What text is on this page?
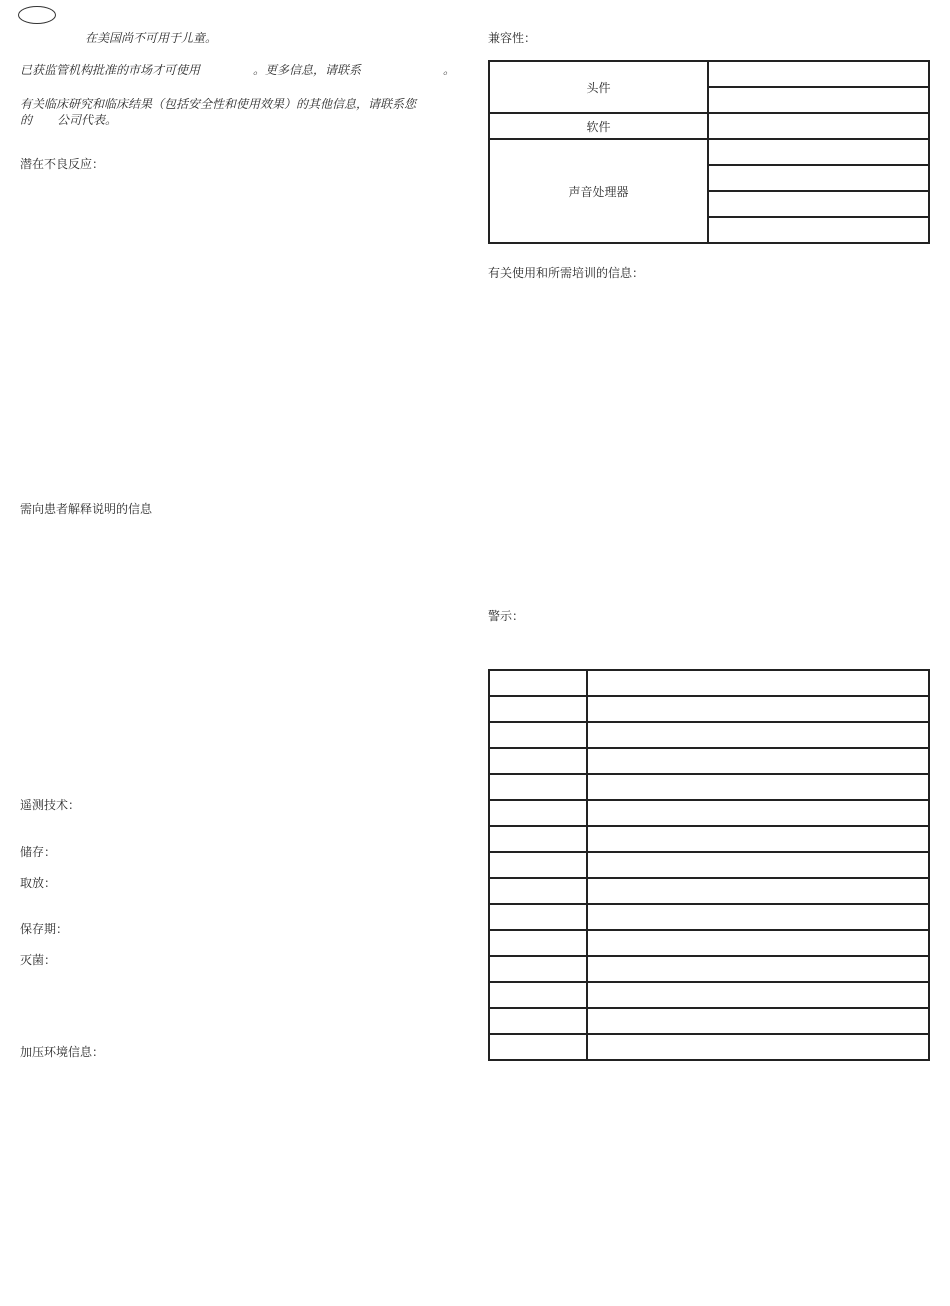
在美国尚不可用于儿童。
已获监管机构批准的市场才可使用	。更多信息，请联系	。
有关临床研究和临床结果（包括安全性和使用效果）的其他信息，请联系您
的 公司代表。
潜在不良反应：
需向患者解释说明的信息
遥测技术：
储存：
取放：
保存期：
灭菌：
加压环境信息：
兼容性：
头件	

软件	
声音处理器	

有关使用和所需培训的信息：
警示：
